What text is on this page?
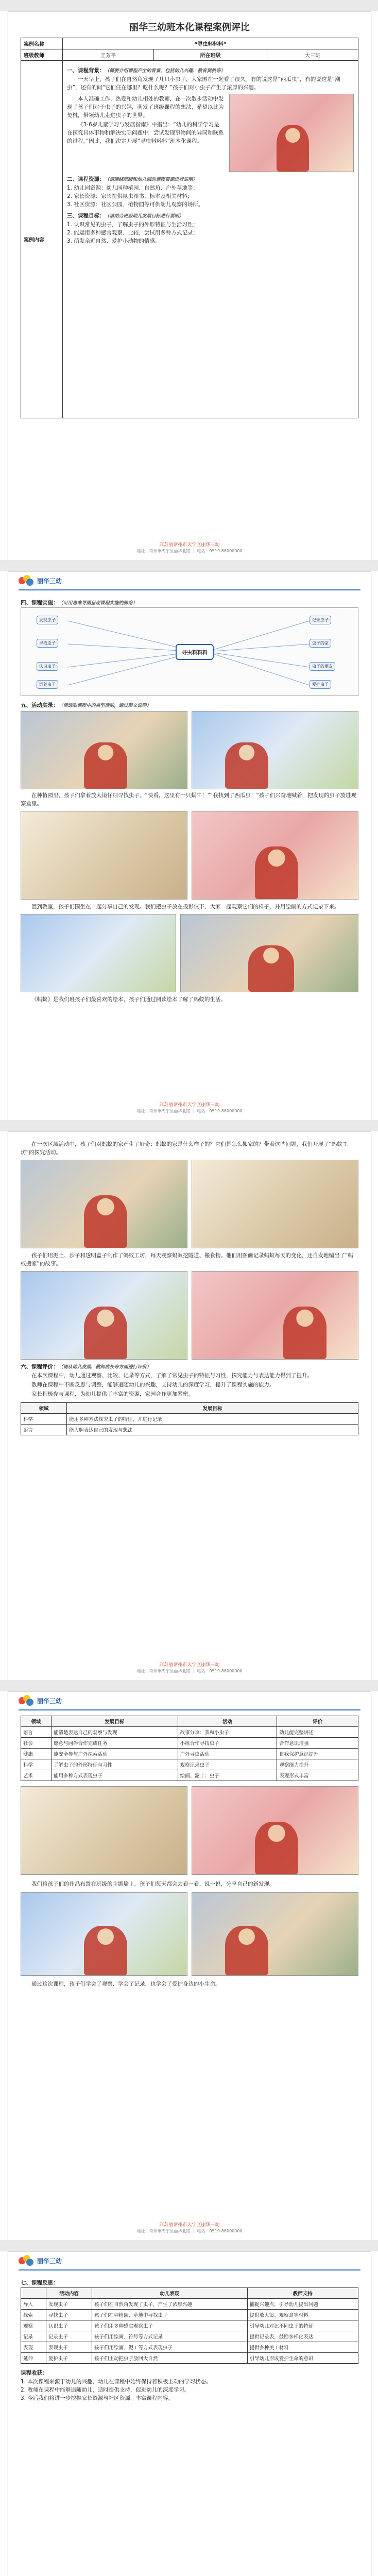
丽华三幼班本化课程案例评比
案例名称	“寻虫料料料”		
班级教师	王芳平	所在班级	大三班
案例内容
一、课程背景：（简要介绍课程产生的背景，包括幼儿兴趣、教育契机等）
一天早上，孩子们在自然角发现了几只小虫子，大家围在一起看了很久。有的说这是“西瓜虫”，有的说这是“潮虫”，还有的问“它们住在哪里？吃什么呢？”孩子们对小虫子产生了浓厚的兴趣。
本人准确工作，热爱和幼儿相处的教师，在一次散步活动中发现了孩子们对于虫子的兴趣，萌发了班级课程的想法，希望以此为契机，带领幼儿走进虫子的世界。
《3-6岁儿童学习与发展指南》中指出：“幼儿的科学学习是在探究具体事物和解决实际问题中，尝试发现事物间的异同和联系的过程。”因此，我们决定开展“寻虫料料料”班本化课程。
二、课程资源：（请围绕班级和幼儿园的课程资源进行说明）
1. 幼儿园资源：幼儿园种植园、自然角、户外草地等；
2. 家长资源：家长提供昆虫图书、标本及相关材料；
3. 社区资源：社区公园、植物园等可供幼儿观察的场所。
三、课程目标：（请结合班级幼儿发展目标进行说明）
1. 认识常见的虫子，了解虫子的外形特征与生活习性；
2. 能运用多种感官观察、比较，尝试用多种方式记录；
3. 萌发亲近自然、爱护小动物的情感。
江苏省常州市天宁区丽华三幼
地址：常州市天宁区丽华北路 ｜ 电话：0519-88000000
丽华三幼
四、课程实施：（可用思维导图呈现课程实施的脉络）
寻虫料料料
发现虫子
寻找虫子
认识虫子
饲养虫子
记录虫子
虫子的家
虫子的朋友
爱护虫子
五、活动实录：（请选取课程中的典型活动，通过图文说明）
在种植园里，孩子们拿着放大镜仔细寻找虫子。“快看，这里有一只蜗牛！”“我找到了西瓜虫！”孩子们兴奋地喊着，把发现的虫子放进观察盒里。
回到教室，孩子们围坐在一起分享自己的发现。我们把虫子放在投影仪下，大家一起观察它们的样子，并用绘画的方式记录下来。
《蚂蚁》是我们班孩子们最喜欢的绘本，孩子们通过阅读绘本了解了蚂蚁的生活。
江苏省常州市天宁区丽华三幼
地址：常州市天宁区丽华北路 ｜ 电话：0519-88000000
在一次区域活动中，孩子们对蚂蚁的家产生了好奇：蚂蚁的家是什么样子的？它们是怎么搬家的？带着这些问题，我们开展了“蚂蚁工坊”的探究活动。
孩子们用泥土、沙子和透明盒子制作了蚂蚁工坊，每天观察蚂蚁挖隧道、搬食物。他们用图画记录蚂蚁每天的变化，还自发地编出了“蚂蚁搬家”的故事。
六、课程评价：（请从幼儿发展、教师成长等方面进行评价）
在本次课程中，幼儿通过观察、比较、记录等方式，了解了常见虫子的特征与习性，探究能力与表达能力得到了提升。
教师在课程中不断反思与调整，能够追随幼儿的兴趣，支持幼儿的深度学习，提升了课程实施的能力。
家长积极参与课程，为幼儿提供了丰富的资源，家园合作更加紧密。
领域	发展目标
科学	能用多种方法探究虫子的特征，并进行记录
语言	能大胆表达自己的发现与想法
江苏省常州市天宁区丽华三幼
地址：常州市天宁区丽华北路 ｜ 电话：0519-88000000
丽华三幼
领域	发展目标	活动	评价
语言	能清楚表达自己的观察与发现	故事分享：我和小虫子	幼儿能完整讲述
社会	愿意与同伴合作完成任务	小组合作寻找虫子	合作意识增强
健康	能安全参与户外探索活动	户外寻虫活动	自我保护意识提升
科学	了解虫子的外形特征与习性	观察记录虫子	观察能力提升
艺术	能用多种方式表现虫子	绘画、泥工：虫子	表现形式丰富
我们将孩子们的作品布置在班级的主题墙上，孩子们每天都会去看一看、说一说，分享自己的新发现。
通过这次课程，孩子们学会了观察、学会了记录，也学会了爱护身边的小生命。
江苏省常州市天宁区丽华三幼
地址：常州市天宁区丽华北路 ｜ 电话：0519-88000000
丽华三幼
七、课程反思：
	活动内容	幼儿表现	教师支持
导入	发现虫子	孩子们在自然角发现了虫子，产生了浓厚兴趣	捕捉兴趣点，引导幼儿提出问题
探索	寻找虫子	孩子们在种植园、草地中寻找虫子	提供放大镜、观察盒等材料
观察	认识虫子	孩子们用多种感官观察虫子	引导幼儿对比不同虫子的特征
记录	记录虫子	孩子们用绘画、符号等方式记录	提供记录表，鼓励多样化表达
表现	表现虫子	孩子们用绘画、泥工等方式表现虫子	提供多种美工材料
延伸	爱护虫子	孩子们主动把虫子放回大自然	引导幼儿形成爱护生命的意识
课程收获：
1. 本次课程来源于幼儿的兴趣，幼儿在课程中始终保持着积极主动的学习状态。
2. 教师在课程中能够追随幼儿，适时提供支持，促进幼儿的深度学习。
3. 今后我们将进一步挖掘家长资源与社区资源，丰富课程内容。
